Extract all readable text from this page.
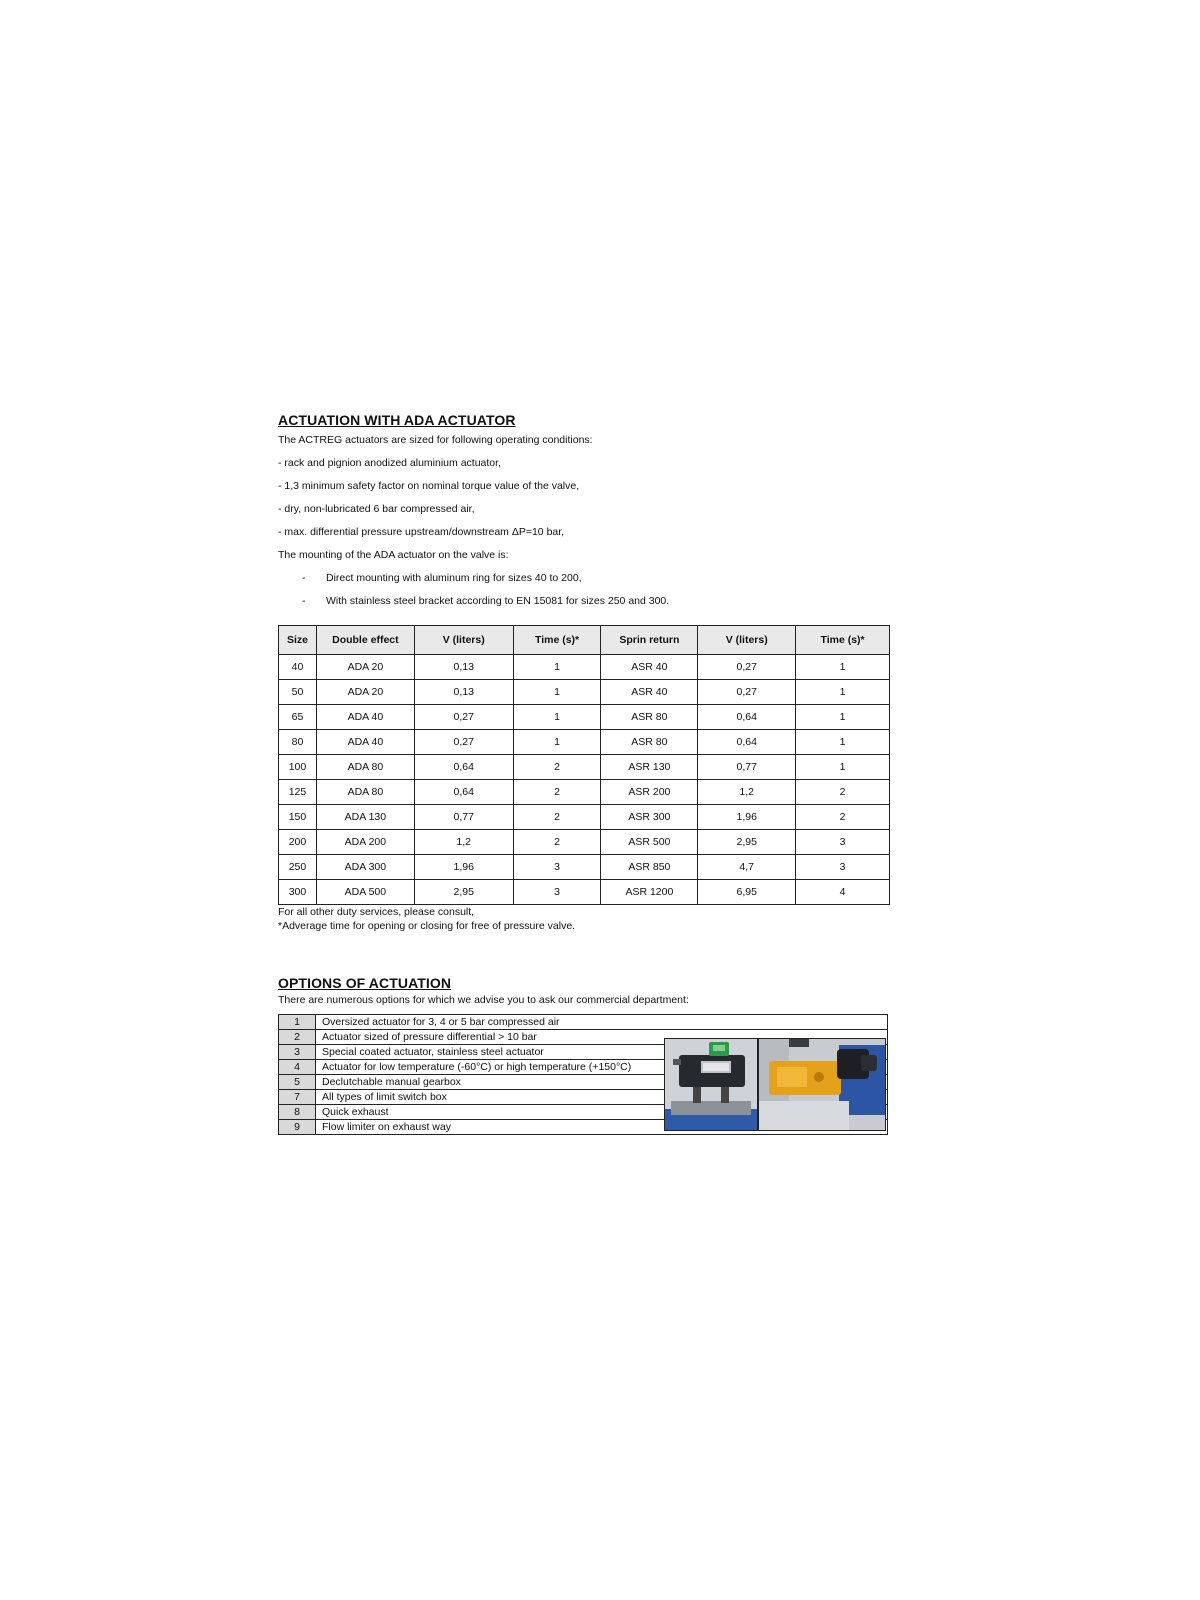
ACTUATION WITH ADA ACTUATOR

The ACTREG actuators are sized for following operating conditions:

- rack and pignion anodized aluminium actuator,

- 1,3 minimum safety factor on nominal torque value of the valve,

- dry, non-lubricated 6 bar compressed air,

- max. differential pressure upstream/downstream ΔP=10 bar,

The mounting of the ADA actuator on the valve is:

- Direct mounting with aluminum ring for sizes 40 to 200,

- With stainless steel bracket according to EN 15081 for sizes 250 and 300.

Size	Double effect	V (liters)	Time (s)*	Sprin return	V (liters)	Time (s)*
40	ADA 20	0,13	1	ASR 40	0,27	1
50	ADA 20	0,13	1	ASR 40	0,27	1
65	ADA 40	0,27	1	ASR 80	0,64	1
80	ADA 40	0,27	1	ASR 80	0,64	1
100	ADA 80	0,64	2	ASR 130	0,77	1
125	ADA 80	0,64	2	ASR 200	1,2	2
150	ADA 130	0,77	2	ASR 300	1,96	2
200	ADA 200	1,2	2	ASR 500	2,95	3
250	ADA 300	1,96	3	ASR 850	4,7	3
300	ADA 500	2,95	3	ASR 1200	6,95	4
For all other duty services, please consult,
*Adverage time for opening or closing for free of pressure valve.
OPTIONS OF ACTUATION
There are numerous options for which we advise you to ask our commercial department:
1	Oversized actuator for 3, 4 or 5 bar compressed air
2	Actuator sized of pressure differential > 10 bar
3	Special coated actuator, stainless steel actuator
4	Actuator for low temperature (-60°C) or high temperature (+150°C)
5	Declutchable manual gearbox
7	All types of limit switch box
8	Quick exhaust
9	Flow limiter on exhaust way
